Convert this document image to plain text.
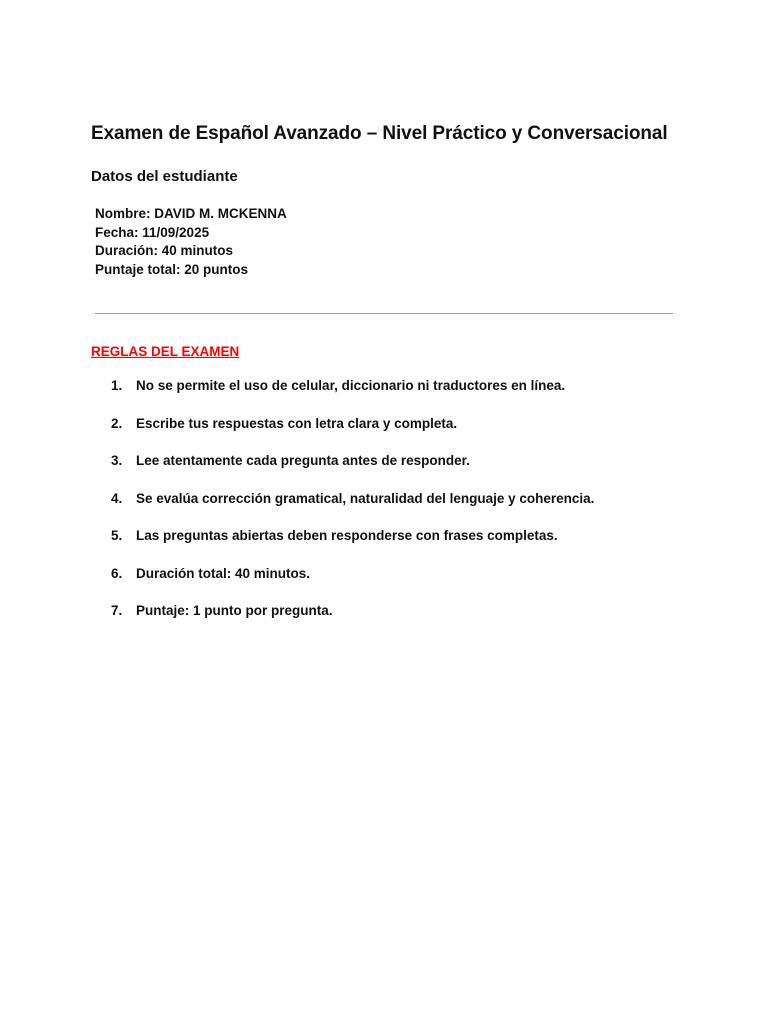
Examen de Español Avanzado – Nivel Práctico y Conversacional
Datos del estudiante
Nombre: DAVID M. MCKENNA
Fecha: 11/09/2025
Duración: 40 minutos
Puntaje total: 20 puntos
REGLAS DEL EXAMEN
1.	No se permite el uso de celular, diccionario ni traductores en línea.
2.	Escribe tus respuestas con letra clara y completa.
3.	Lee atentamente cada pregunta antes de responder.
4.	Se evalúa corrección gramatical, naturalidad del lenguaje y coherencia.
5.	Las preguntas abiertas deben responderse con frases completas.
6.	Duración total: 40 minutos.
7.	Puntaje: 1 punto por pregunta.
